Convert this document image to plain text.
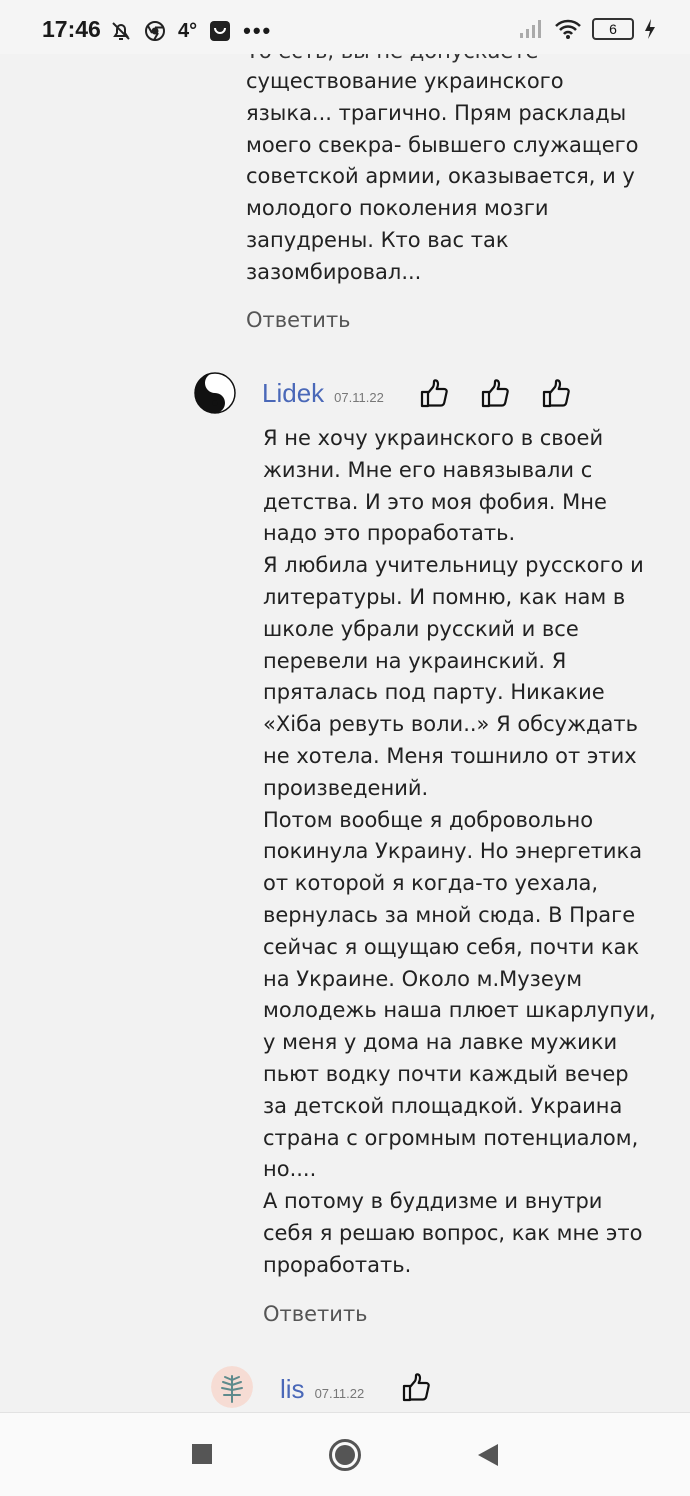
существование украинского
языка... трагично. Прям расклады
моего свекра- бывшего служащего
советской армии, оказывается, и у
молодого поколения мозги
запудрены. Кто вас так
зазомбировал...

Ответить
Lidek 07.11.22

Я не хочу украинского в своей
жизни. Мне его навязывали с
детства. И это моя фобия. Мне
надо это проработать.
Я любила учительницу русского и
литературы. И помню, как нам в
школе убрали русский и все
перевели на украинский. Я
пряталась под парту. Никакие
«Хіба ревуть воли..» Я обсуждать
не хотела. Меня тошнило от этих
произведений.
Потом вообще я добровольно
покинула Украину. Но энергетика
от которой я когда-то уехала,
вернулась за мной сюда. В Праге
сейчас я ощущаю себя, почти как
на Украине. Около м.Музеум
молодежь наша плюет шкарлупуи,
у меня у дома на лавке мужики
пьют водку почти каждый вечер
за детской площадкой. Украина
страна с огромным потенциалом,
но....
А потому в буддизме и внутри
себя я решаю вопрос, как мне это
проработать.

Ответить
lis 07.11.22
17:46	4° •••	6
